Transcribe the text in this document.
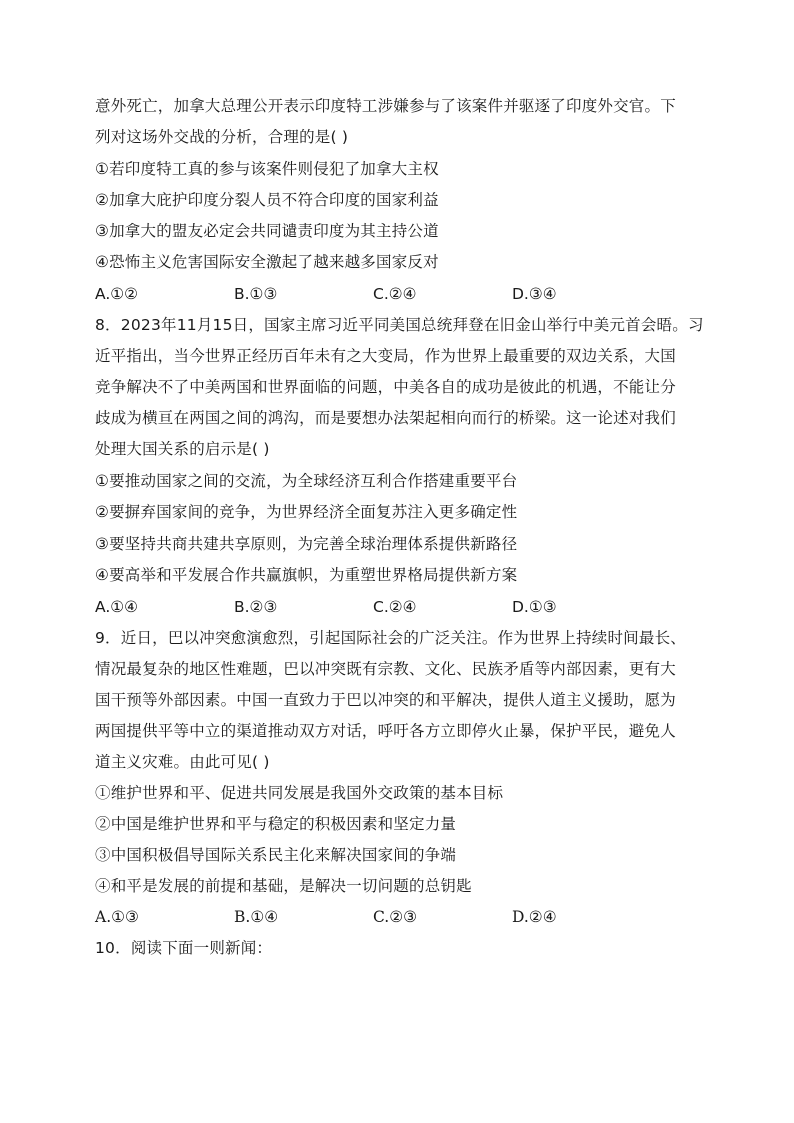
意外死亡，加拿大总理公开表示印度特工涉嫌参与了该案件并驱逐了印度外交官。下
列对这场外交战的分析，合理的是( )
①若印度特工真的参与该案件则侵犯了加拿大主权
②加拿大庇护印度分裂人员不符合印度的国家利益
③加拿大的盟友必定会共同谴责印度为其主持公道
④恐怖主义危害国际安全激起了越来越多国家反对
A.①②	B.①③	C.②④	D.③④
8．2023年11月15日，国家主席习近平同美国总统拜登在旧金山举行中美元首会晤。习
近平指出，当今世界正经历百年未有之大变局，作为世界上最重要的双边关系，大国
竞争解决不了中美两国和世界面临的问题，中美各自的成功是彼此的机遇，不能让分
歧成为横亘在两国之间的鸿沟，而是要想办法架起相向而行的桥梁。这一论述对我们
处理大国关系的启示是( )
①要推动国家之间的交流，为全球经济互利合作搭建重要平台
②要摒弃国家间的竞争，为世界经济全面复苏注入更多确定性
③要坚持共商共建共享原则，为完善全球治理体系提供新路径
④要高举和平发展合作共赢旗帜，为重塑世界格局提供新方案
A.①④	B.②③	C.②④	D.①③
9．近日，巴以冲突愈演愈烈，引起国际社会的广泛关注。作为世界上持续时间最长、
情况最复杂的地区性难题，巴以冲突既有宗教、文化、民族矛盾等内部因素，更有大
国干预等外部因素。中国一直致力于巴以冲突的和平解决，提供人道主义援助，愿为
两国提供平等中立的渠道推动双方对话，呼吁各方立即停火止暴，保护平民，避免人
道主义灾难。由此可见( )
①维护世界和平、促进共同发展是我国外交政策的基本目标
②中国是维护世界和平与稳定的积极因素和坚定力量
③中国积极倡导国际关系民主化来解决国家间的争端
④和平是发展的前提和基础，是解决一切问题的总钥匙
A.①③	B.①④	C.②③	D.②④
10．阅读下面一则新闻：
